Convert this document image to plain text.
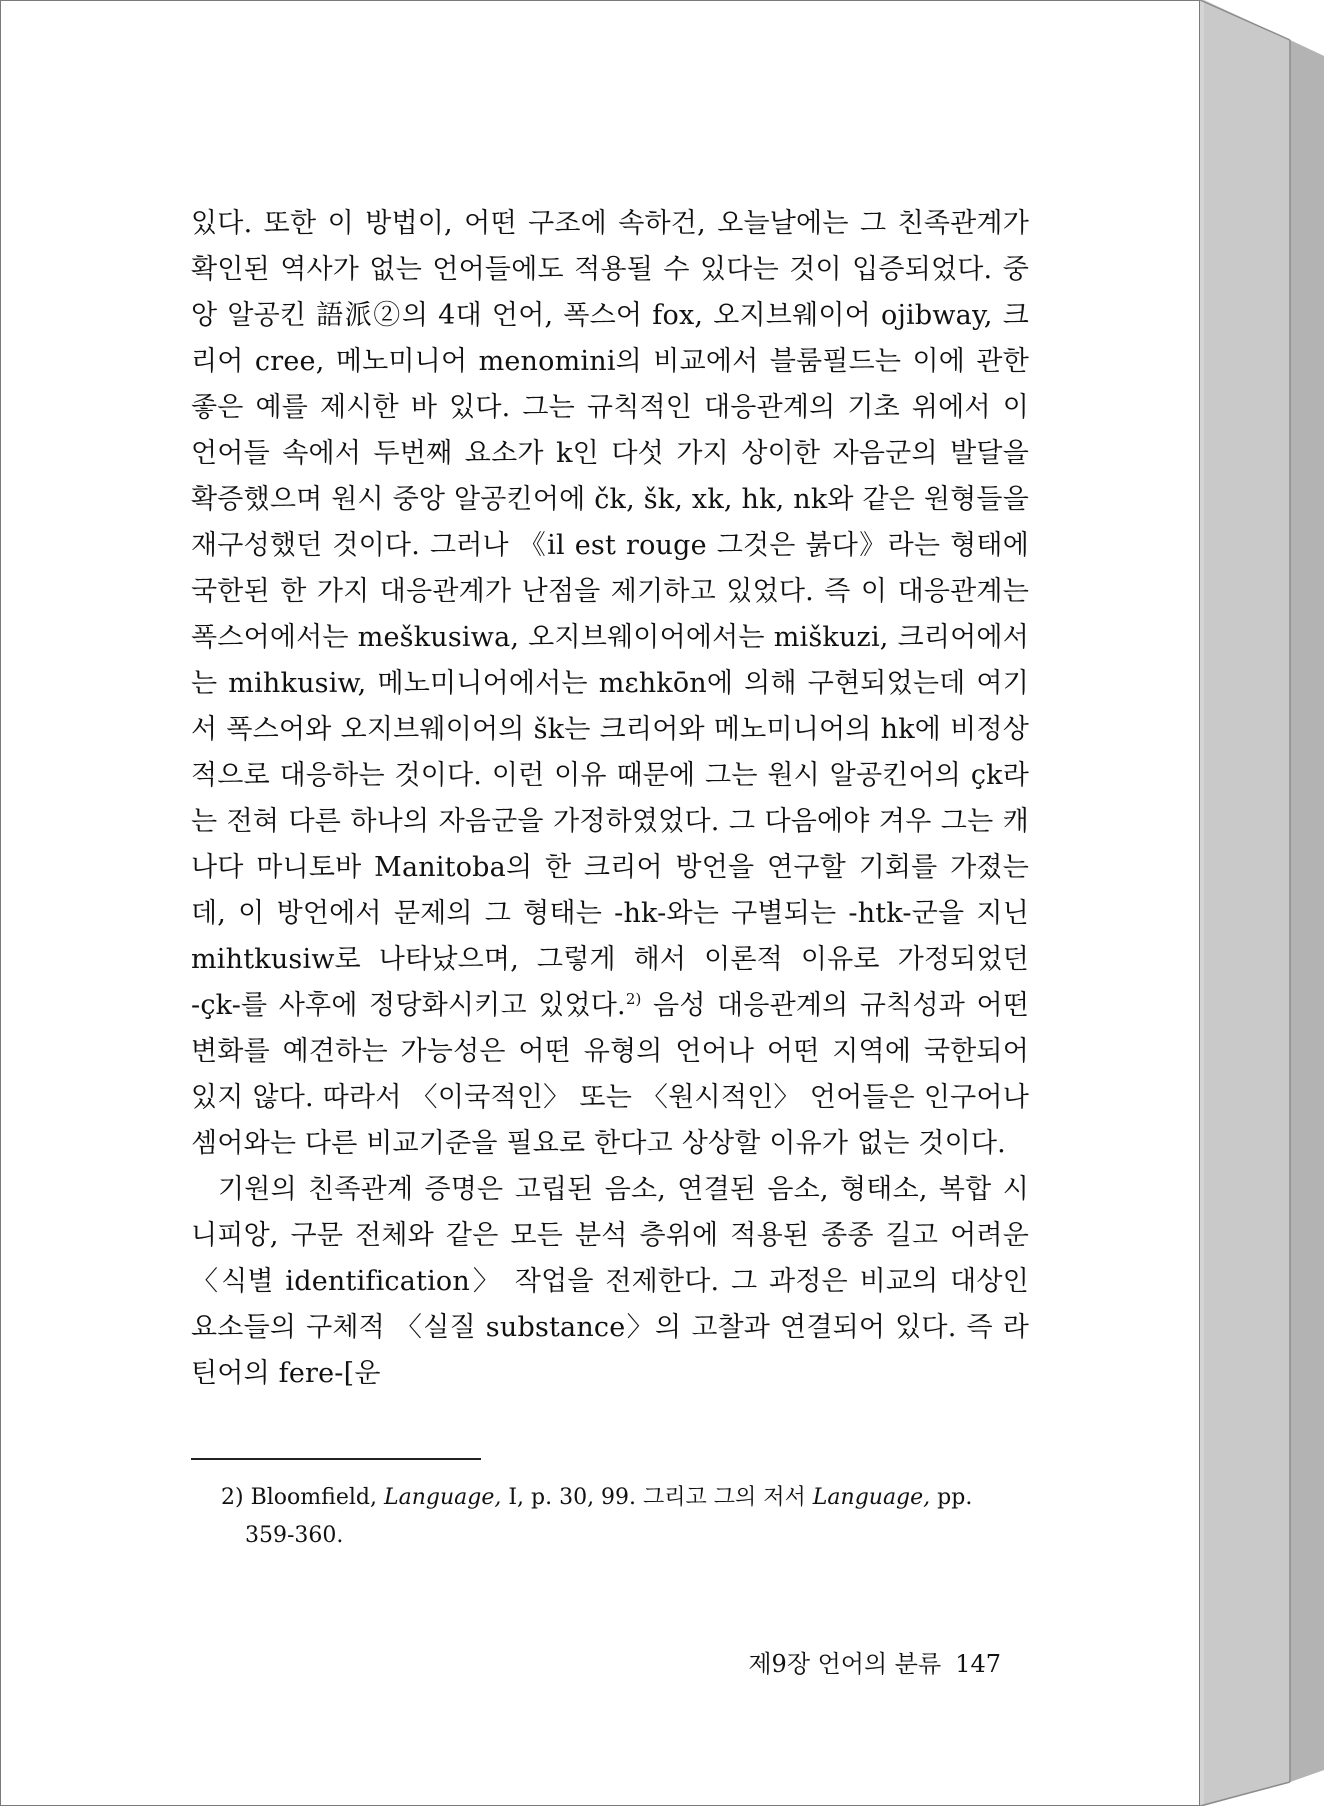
있다. 또한 이 방법이, 어떤 구조에 속하건, 오늘날에는 그 친족관계가 확인된 역사가 없는 언어들에도 적용될 수 있다는 것이 입증되었다. 중앙 알공킨 語派②의 4대 언어, 폭스어 fox, 오지브웨이어 ojibway, 크리어 cree, 메노미니어 menomini의 비교에서 블룸필드는 이에 관한 좋은 예를 제시한 바 있다. 그는 규칙적인 대응관계의 기초 위에서 이 언어들 속에서 두번째 요소가 k인 다섯 가지 상이한 자음군의 발달을 확증했으며 원시 중앙 알공킨어에 čk, šk, xk, hk, nk와 같은 원형들을 재구성했던 것이다. 그러나 《il est rouge 그것은 붉다》라는 형태에 국한된 한 가지 대응관계가 난점을 제기하고 있었다. 즉 이 대응관계는 폭스어에서는 meškusiwa, 오지브웨이어에서는 miškuzi, 크리어에서는 mihkusiw, 메노미니어에서는 mɛhkōn에 의해 구현되었는데 여기서 폭스어와 오지브웨이어의 šk는 크리어와 메노미니어의 hk에 비정상적으로 대응하는 것이다. 이런 이유 때문에 그는 원시 알공킨어의 çk라는 전혀 다른 하나의 자음군을 가정하였었다. 그 다음에야 겨우 그는 캐나다 마니토바 Manitoba의 한 크리어 방언을 연구할 기회를 가졌는데, 이 방언에서 문제의 그 형태는 -hk-와는 구별되는 -htk-군을 지닌 mihtkusiw로 나타났으며, 그렇게 해서 이론적 이유로 가정되었던 -çk-를 사후에 정당화시키고 있었다.$^{2)}$ 음성 대응관계의 규칙성과 어떤 변화를 예견하는 가능성은 어떤 유형의 언어나 어떤 지역에 국한되어 있지 않다. 따라서 〈이국적인〉 또는 〈원시적인〉 언어들은 인구어나 셈어와는 다른 비교기준을 필요로 한다고 상상할 이유가 없는 것이다.

기원의 친족관계 증명은 고립된 음소, 연결된 음소, 형태소, 복합 시니피앙, 구문 전체와 같은 모든 분석 층위에 적용된 종종 길고 어려운 〈식별 identification〉 작업을 전제한다. 그 과정은 비교의 대상인 요소들의 구체적 〈실질 substance〉의 고찰과 연결되어 있다. 즉 라틴어의 fere-[운

2) Bloomfield, Language, I, p. 30, 99. 그리고 그의 저서 Language, pp.
359-360.
제9장 언어의 분류 147
